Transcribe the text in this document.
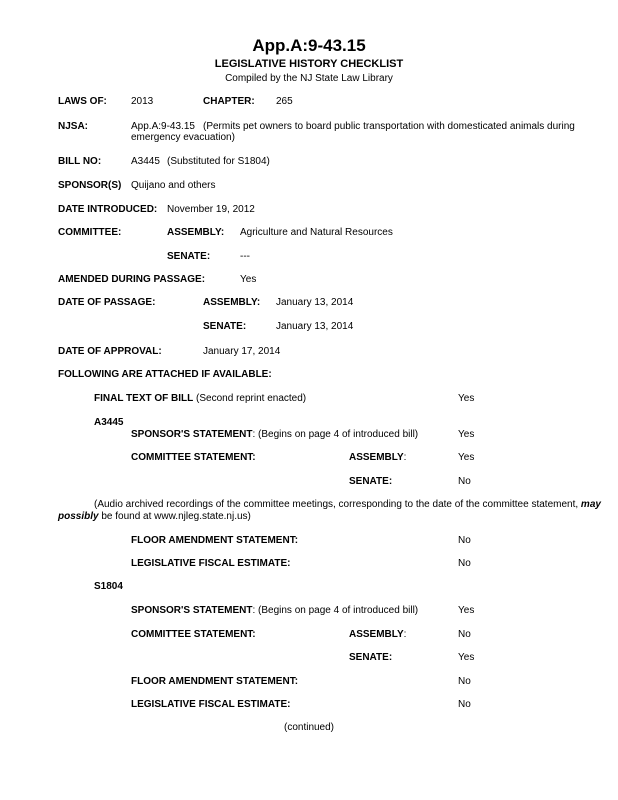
App.A:9-43.15
LEGISLATIVE HISTORY CHECKLIST
Compiled by the NJ State Law Library
LAWS OF: 2013	CHAPTER: 265
NJSA:	App.A:9-43.15 (Permits pet owners to board public transportation with domesticated animals during
emergency evacuation)
BILL NO:	A3445 (Substituted for S1804)
SPONSOR(S) Quijano and others
DATE INTRODUCED: November 19, 2012
COMMITTEE:	ASSEMBLY: Agriculture and Natural Resources
SENATE:	---
AMENDED DURING PASSAGE:	Yes
DATE OF PASSAGE:	ASSEMBLY: January 13, 2014
SENATE:	January 13, 2014
DATE OF APPROVAL:	January 17, 2014
FOLLOWING ARE ATTACHED IF AVAILABLE:
FINAL TEXT OF BILL (Second reprint enacted)	Yes
A3445
SPONSOR'S STATEMENT: (Begins on page 4 of introduced bill)	Yes
COMMITTEE STATEMENT:	ASSEMBLY:	Yes
SENATE:	No
(Audio archived recordings of the committee meetings, corresponding to the date of the committee statement, may
possibly be found at www.njleg.state.nj.us)
FLOOR AMENDMENT STATEMENT:	No
LEGISLATIVE FISCAL ESTIMATE:	No
S1804
SPONSOR'S STATEMENT: (Begins on page 4 of introduced bill)	Yes
COMMITTEE STATEMENT:	ASSEMBLY:	No
SENATE:	Yes
FLOOR AMENDMENT STATEMENT:	No
LEGISLATIVE FISCAL ESTIMATE:	No
(continued)
